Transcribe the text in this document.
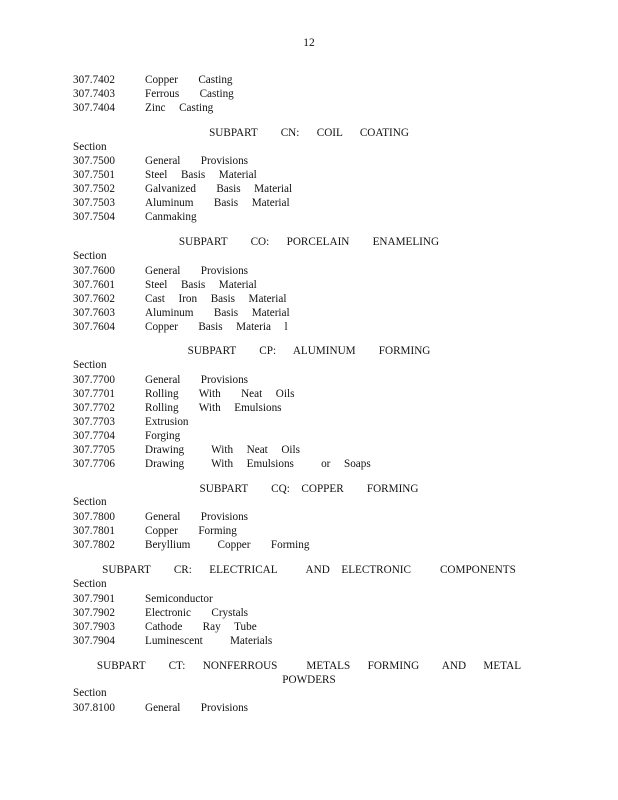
12
307.7402	Copper   Casting
307.7403	Ferrous   Casting
307.7404	Zinc  Casting
SUBPART    CN:   COIL   COATING
Section
307.7500	General   Provisions
307.7501	Steel  Basis  Material
307.7502	Galvanized   Basis  Material
307.7503	Aluminum   Basis  Material
307.7504	Canmaking
SUBPART    CO:   PORCELAIN    ENAMELING
Section
307.7600	General   Provisions
307.7601	Steel  Basis  Material
307.7602	Cast  Iron  Basis  Material
307.7603	Aluminum   Basis  Material
307.7604	Copper   Basis  Materia  l
SUBPART    CP:   ALUMINUM    FORMING
Section
307.7700	General   Provisions
307.7701	Rolling   With   Neat  Oils
307.7702	Rolling   With  Emulsions
307.7703	Extrusion
307.7704	Forging
307.7705	Drawing    With  Neat  Oils
307.7706	Drawing    With  Emulsions    or  Soaps
SUBPART    CQ:  COPPER    FORMING
Section
307.7800	General   Provisions
307.7801	Copper   Forming
307.7802	Beryllium    Copper   Forming
SUBPART    CR:   ELECTRICAL     AND  ELECTRONIC     COMPONENTS
Section
307.7901	Semiconductor
307.7902	Electronic   Crystals
307.7903	Cathode   Ray  Tube
307.7904	Luminescent    Materials
SUBPART    CT:   NONFERROUS     METALS   FORMING    AND   METAL
POWDERS
Section
307.8100	General   Provisions
